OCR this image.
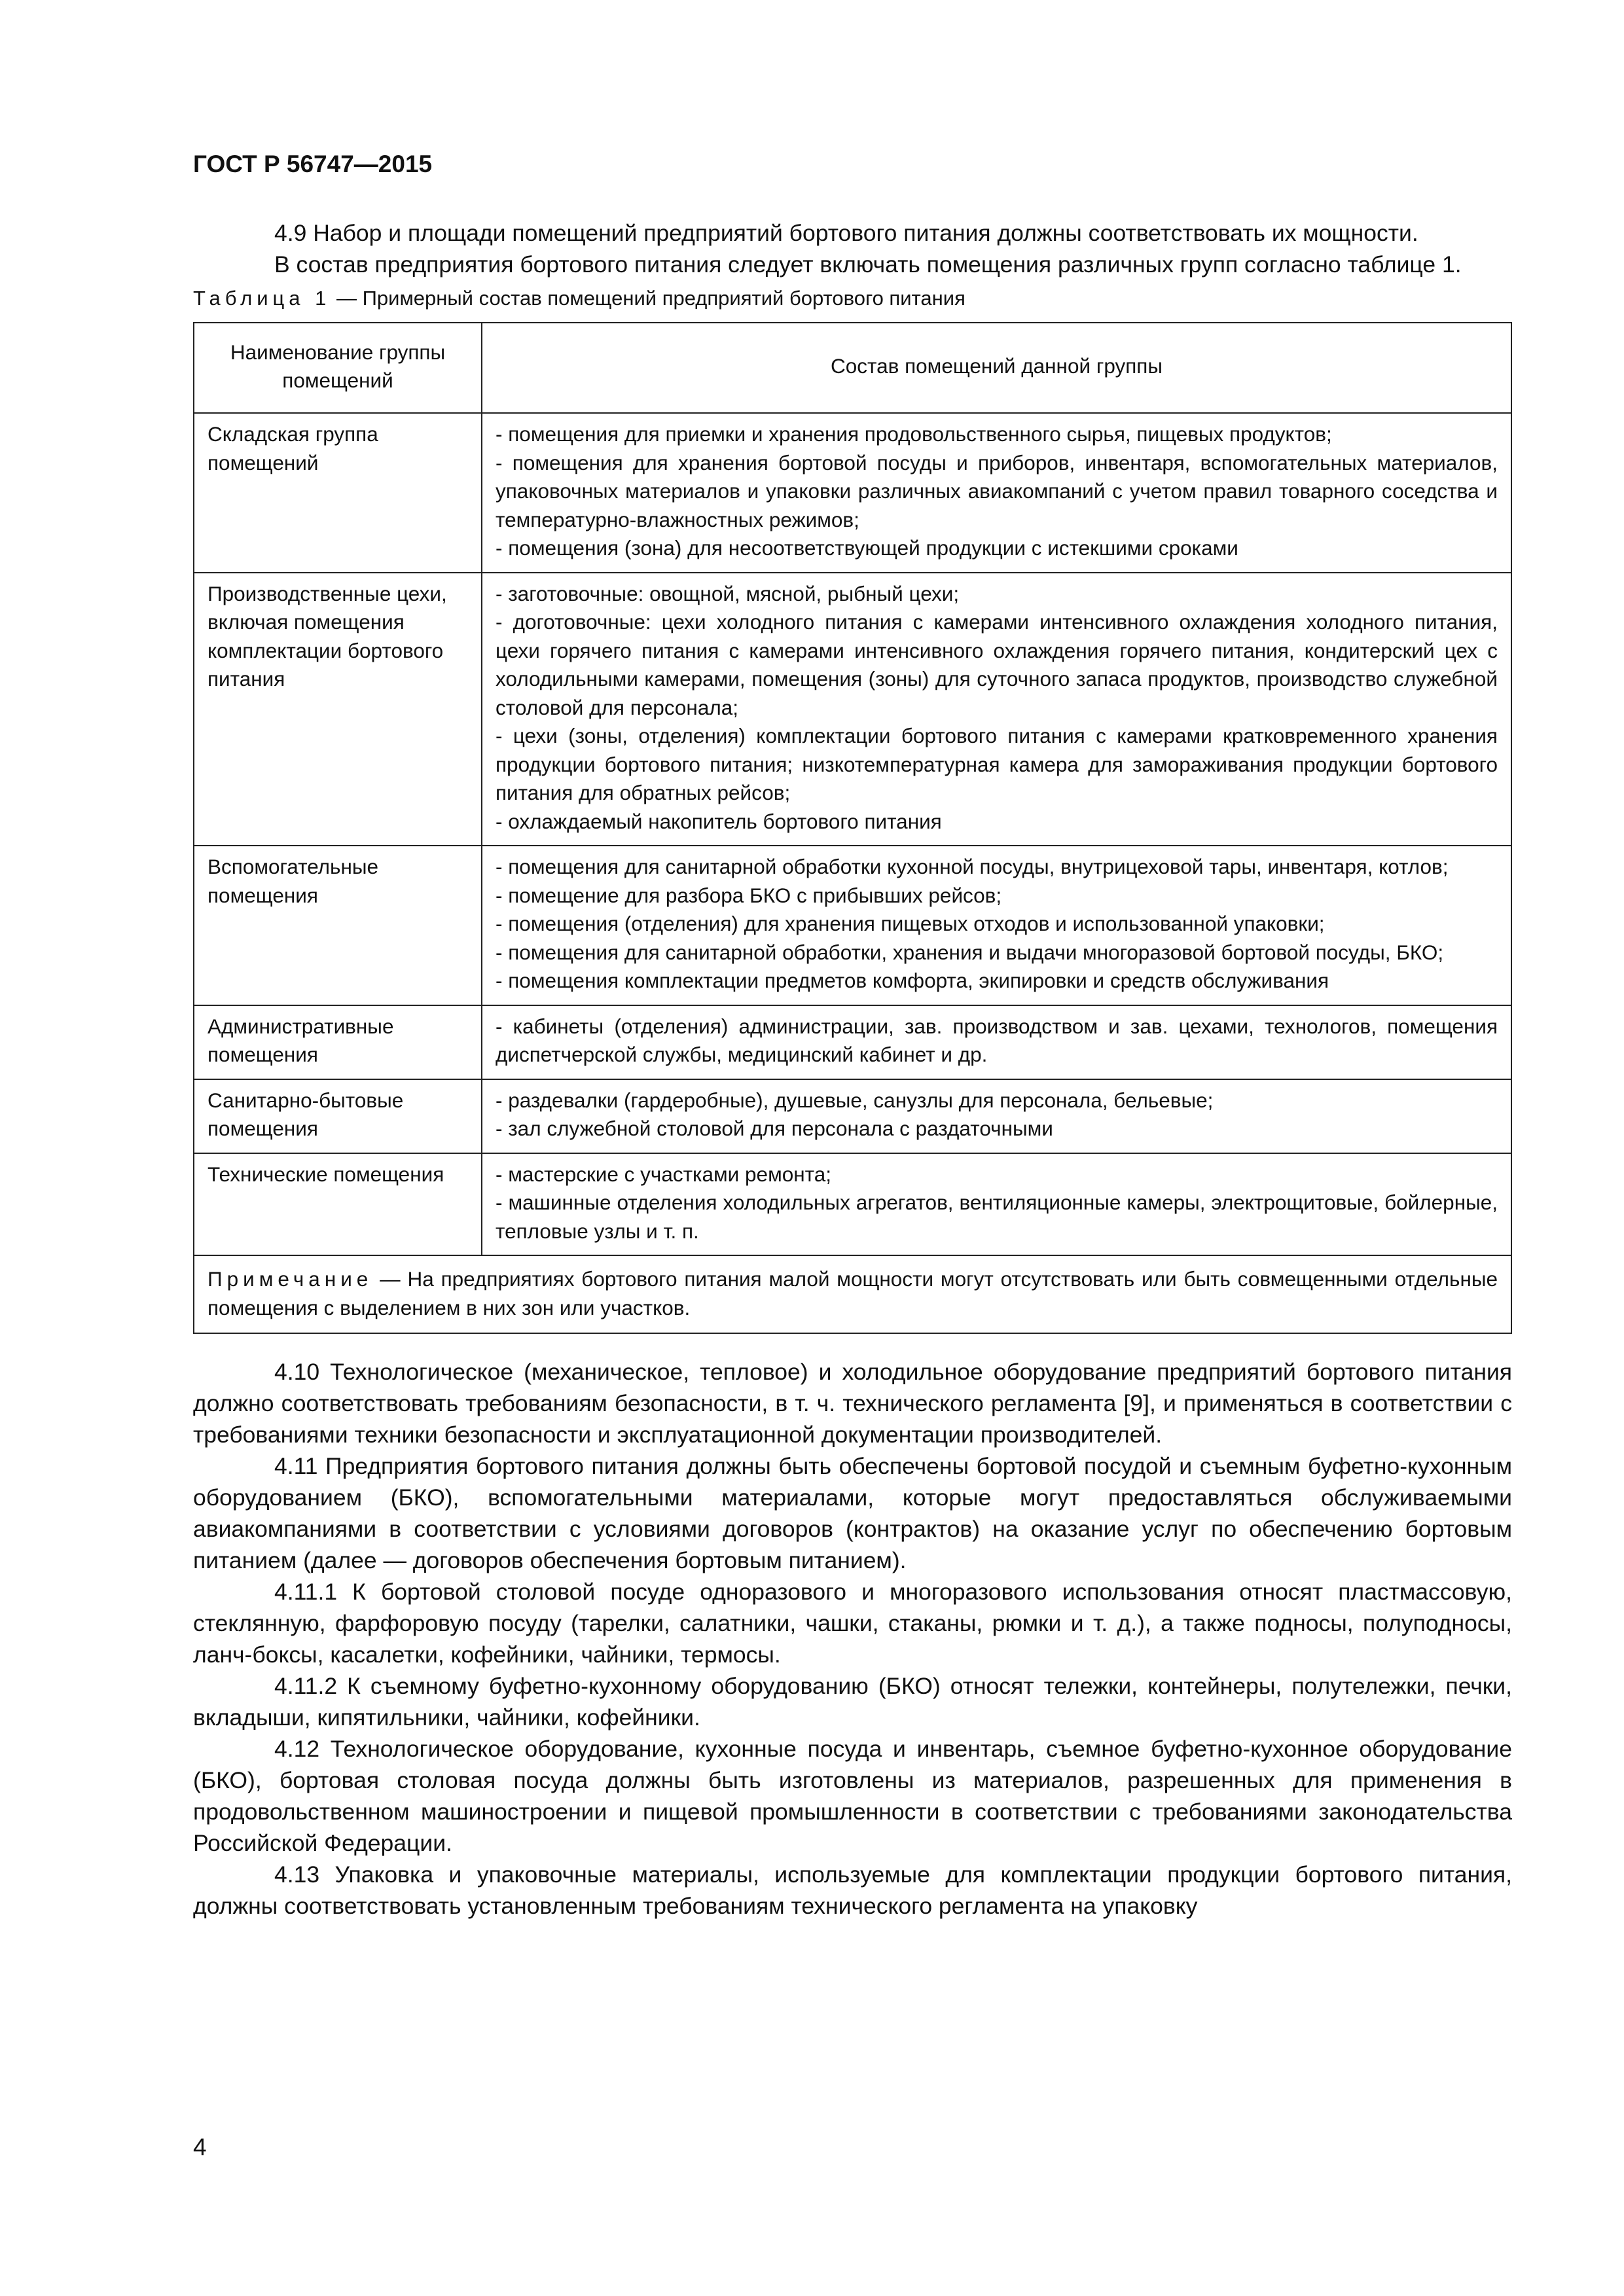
ГОСТ Р 56747—2015

4.9 Набор и площади помещений предприятий бортового питания должны соответствовать их мощности.

В состав предприятия бортового питания следует включать помещения различных групп согласно таблице 1.

Таблица 1 — Примерный состав помещений предприятий бортового питания
Наименование группы помещений	Состав помещений данной группы
Складская группа помещений	- помещения для приемки и хранения продовольственного сырья, пищевых продуктов;
- помещения для хранения бортовой посуды и приборов, инвентаря, вспомогательных материалов, упаковочных материалов и упаковки различных авиакомпаний с учетом правил товарного соседства и температурно-влажностных режимов;
- помещения (зона) для несоответствующей продукции с истекшими сроками

Производственные цехи, включая помещения комплектации бортового питания	- заготовочные: овощной, мясной, рыбный цехи;
- доготовочные: цехи холодного питания с камерами интенсивного охлаждения холодного питания, цехи горячего питания с камерами интенсивного охлаждения горячего питания, кондитерский цех с холодильными камерами, помещения (зоны) для суточного запаса продуктов, производство служебной столовой для персонала;
- цехи (зоны, отделения) комплектации бортового питания с камерами кратковременного хранения продукции бортового питания; низкотемпературная камера для замораживания продукции бортового питания для обратных рейсов;
- охлаждаемый накопитель бортового питания

Вспомогательные помещения	- помещения для санитарной обработки кухонной посуды, внутрицеховой тары, инвентаря, котлов;
- помещение для разбора БКО с прибывших рейсов;
- помещения (отделения) для хранения пищевых отходов и использованной упаковки;
- помещения для санитарной обработки, хранения и выдачи многоразовой бортовой посуды, БКО;
- помещения комплектации предметов комфорта, экипировки и средств обслуживания

Административные помещения	- кабинеты (отделения) администрации, зав. производством и зав. цехами, технологов, помещения диспетчерской службы, медицинский кабинет и др.

Санитарно-бытовые помещения	- раздевалки (гардеробные), душевые, санузлы для персонала, бельевые;
- зал служебной столовой для персонала с раздаточными

Технические помещения	- мастерские с участками ремонта;
- машинные отделения холодильных агрегатов, вентиляционные камеры, электрощитовые, бойлерные, тепловые узлы и т. п.

Примечание — На предприятиях бортового питания малой мощности могут отсутствовать или быть совмещенными отдельные помещения с выделением в них зон или участков.	

4.10 Технологическое (механическое, тепловое) и холодильное оборудование предприятий бортового питания должно соответствовать требованиям безопасности, в т. ч. технического регламента [9], и применяться в соответствии с требованиями техники безопасности и эксплуатационной документации производителей.

4.11 Предприятия бортового питания должны быть обеспечены бортовой посудой и съемным буфетно-кухонным оборудованием (БКО), вспомогательными материалами, которые могут предоставляться обслуживаемыми авиакомпаниями в соответствии с условиями договоров (контрактов) на оказание услуг по обеспечению бортовым питанием (далее — договоров обеспечения бортовым питанием).

4.11.1 К бортовой столовой посуде одноразового и многоразового использования относят пластмассовую, стеклянную, фарфоровую посуду (тарелки, салатники, чашки, стаканы, рюмки и т. д.), а также подносы, полуподносы, ланч-боксы, касалетки, кофейники, чайники, термосы.

4.11.2 К съемному буфетно-кухонному оборудованию (БКО) относят тележки, контейнеры, полутележки, печки, вкладыши, кипятильники, чайники, кофейники.

4.12 Технологическое оборудование, кухонные посуда и инвентарь, съемное буфетно-кухонное оборудование (БКО), бортовая столовая посуда должны быть изготовлены из материалов, разрешенных для применения в продовольственном машиностроении и пищевой промышленности в соответствии с требованиями законодательства Российской Федерации.

4.13 Упаковка и упаковочные материалы, используемые для комплектации продукции бортового питания, должны соответствовать установленным требованиям технического регламента на упаковку

4
